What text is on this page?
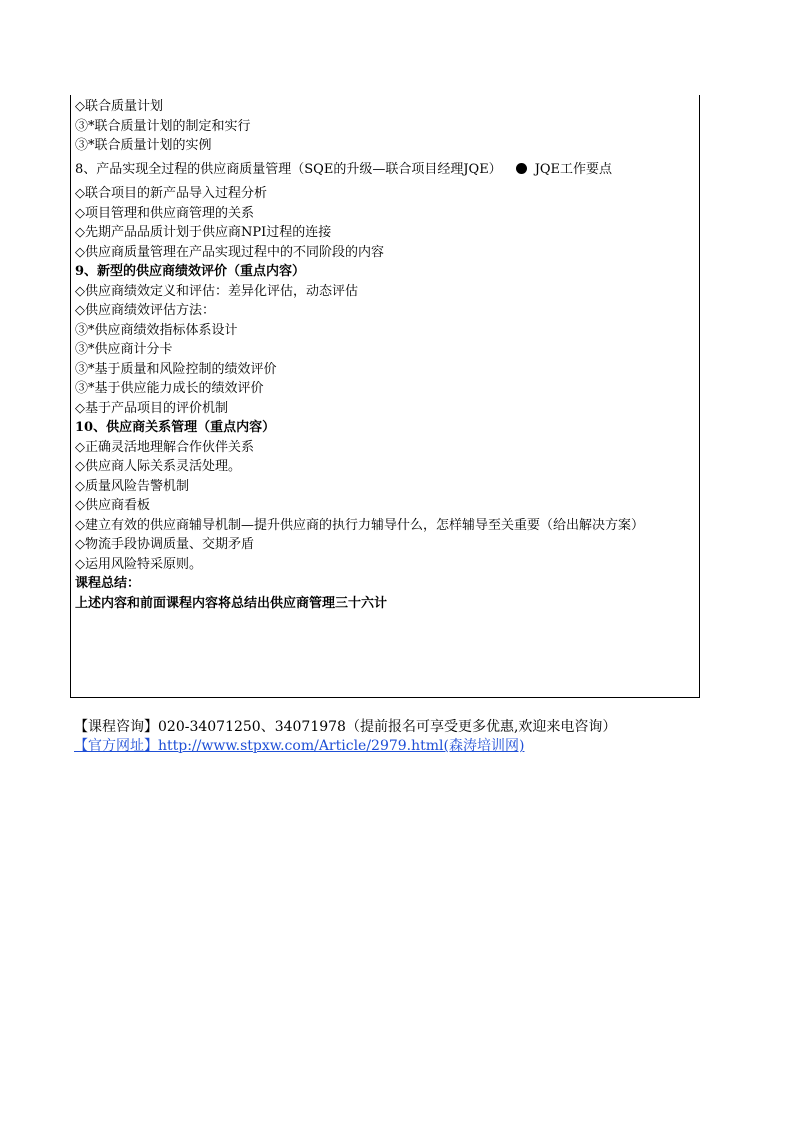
◇联合质量计划
③*联合质量计划的制定和实行
③*联合质量计划的实例
8、产品实现全过程的供应商质量管理（SQE的升级—联合项目经理JQE）	JQE工作要点
◇联合项目的新产品导入过程分析
◇项目管理和供应商管理的关系
◇先期产品品质计划于供应商NPI过程的连接
◇供应商质量管理在产品实现过程中的不同阶段的内容
9、新型的供应商绩效评价（重点内容）
◇供应商绩效定义和评估：差异化评估，动态评估
◇供应商绩效评估方法：
③*供应商绩效指标体系设计
③*供应商计分卡
③*基于质量和风险控制的绩效评价
③*基于供应能力成长的绩效评价
◇基于产品项目的评价机制
10、供应商关系管理（重点内容）
◇正确灵活地理解合作伙伴关系
◇供应商人际关系灵活处理。
◇质量风险告警机制
◇供应商看板
◇建立有效的供应商辅导机制—提升供应商的执行力辅导什么，怎样辅导至关重要（给出解决方案）
◇物流手段协调质量、交期矛盾
◇运用风险特采原则。
课程总结：
上述内容和前面课程内容将总结出供应商管理三十六计
【课程咨询】020-34071250、34071978（提前报名可享受更多优惠,欢迎来电咨询）
【官方网址】http://www.stpxw.com/Article/2979.html(森涛培训网)
